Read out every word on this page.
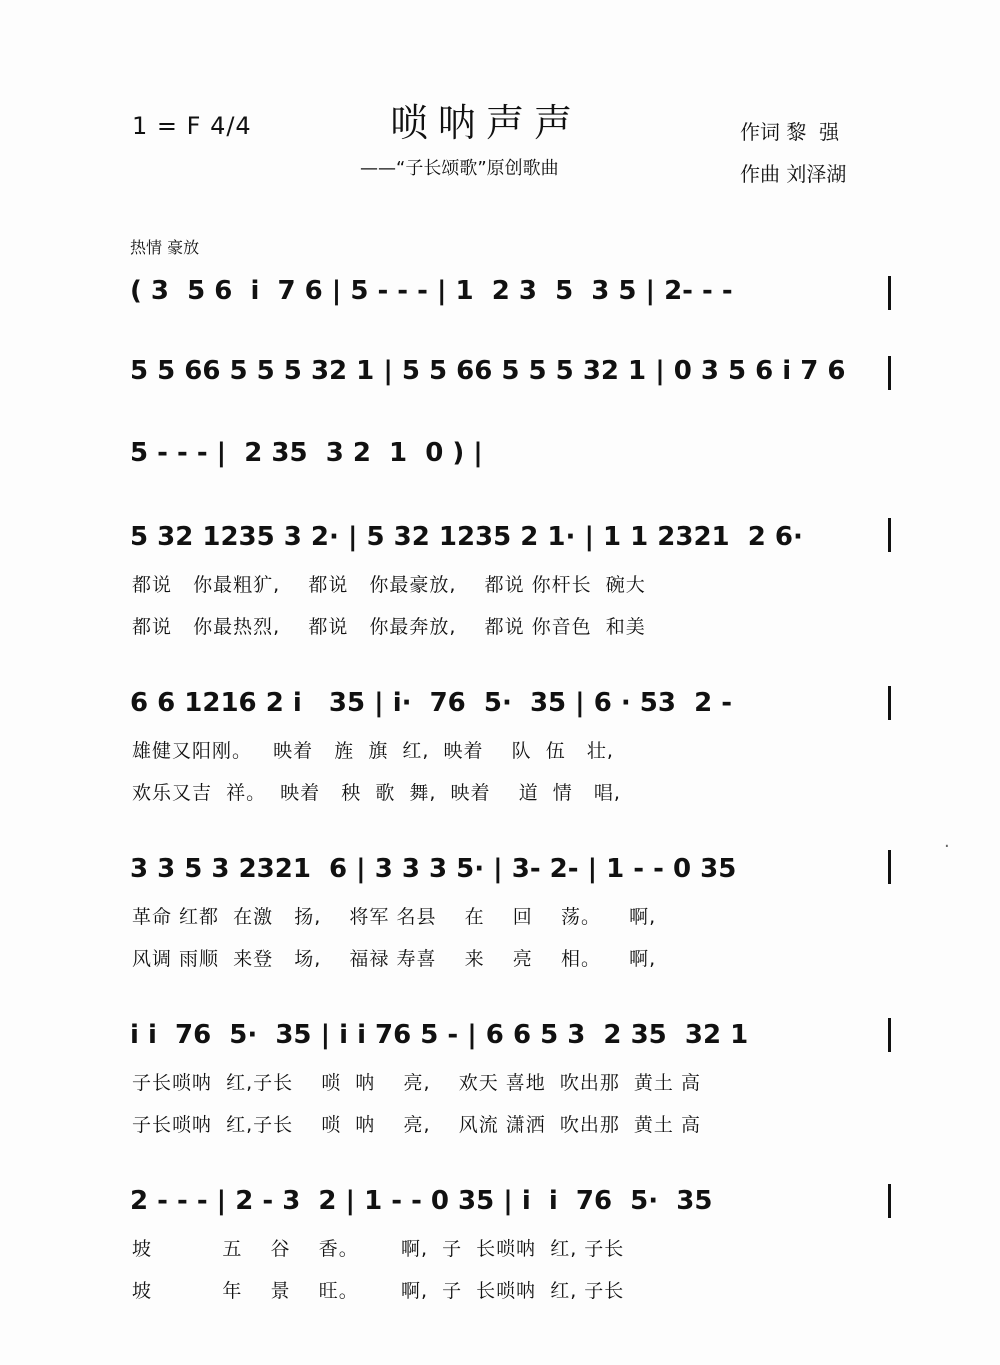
1 = F 4/4	唢呐声声
——“子长颂歌”原创歌曲
作词 黎  强
作曲 刘泽湖
热情 豪放
( 3  5 6  i  7 6 | 5 - - - | 1  2 3  5  3 5 | 2- - -
5 5 66 5 5 5 32 1 | 5 5 66 5 5 5 32 1 | 0 3 5 6 i 7 6
5 - - - |  2 35  3 2  1  0 ) |
5 32 1235 3 2· | 5 32 1235 2 1· | 1 1 2321  2 6·
都说   你最粗犷,    都说   你最豪放,    都说 你杆长  碗大
都说   你最热烈,    都说   你最奔放,    都说 你音色  和美
6 6 1216 2 i   35 | i·  76  5·  35 | 6 · 53  2 -
雄健又阳刚。   映着   旌  旗  红,  映着    队  伍   壮,
欢乐又吉  祥。  映着   秧  歌  舞,  映着    道  情   唱,
3 3 5 3 2321  6 | 3 3 3 5· | 3- 2- | 1 - - 0 35
革命 红都  在激   扬,    将军 名县    在    回    荡。    啊,
风调 雨顺  来登   场,    福禄 寿喜    来    亮    相。    啊,
i i  76  5·  35 | i i 76 5 - | 6 6 5 3  2 35  32 1
子长唢呐  红,子长    唢  呐    亮,    欢天 喜地  吹出那  黄土 高
子长唢呐  红,子长    唢  呐    亮,    风流 潇洒  吹出那  黄土 高
2 - - - | 2 - 3  2 | 1 - - 0 35 | i  i  76  5·  35
坡          五    谷    香。      啊,  子  长唢呐  红, 子长
坡          年    景    旺。      啊,  子  长唢呐  红, 子长
·
